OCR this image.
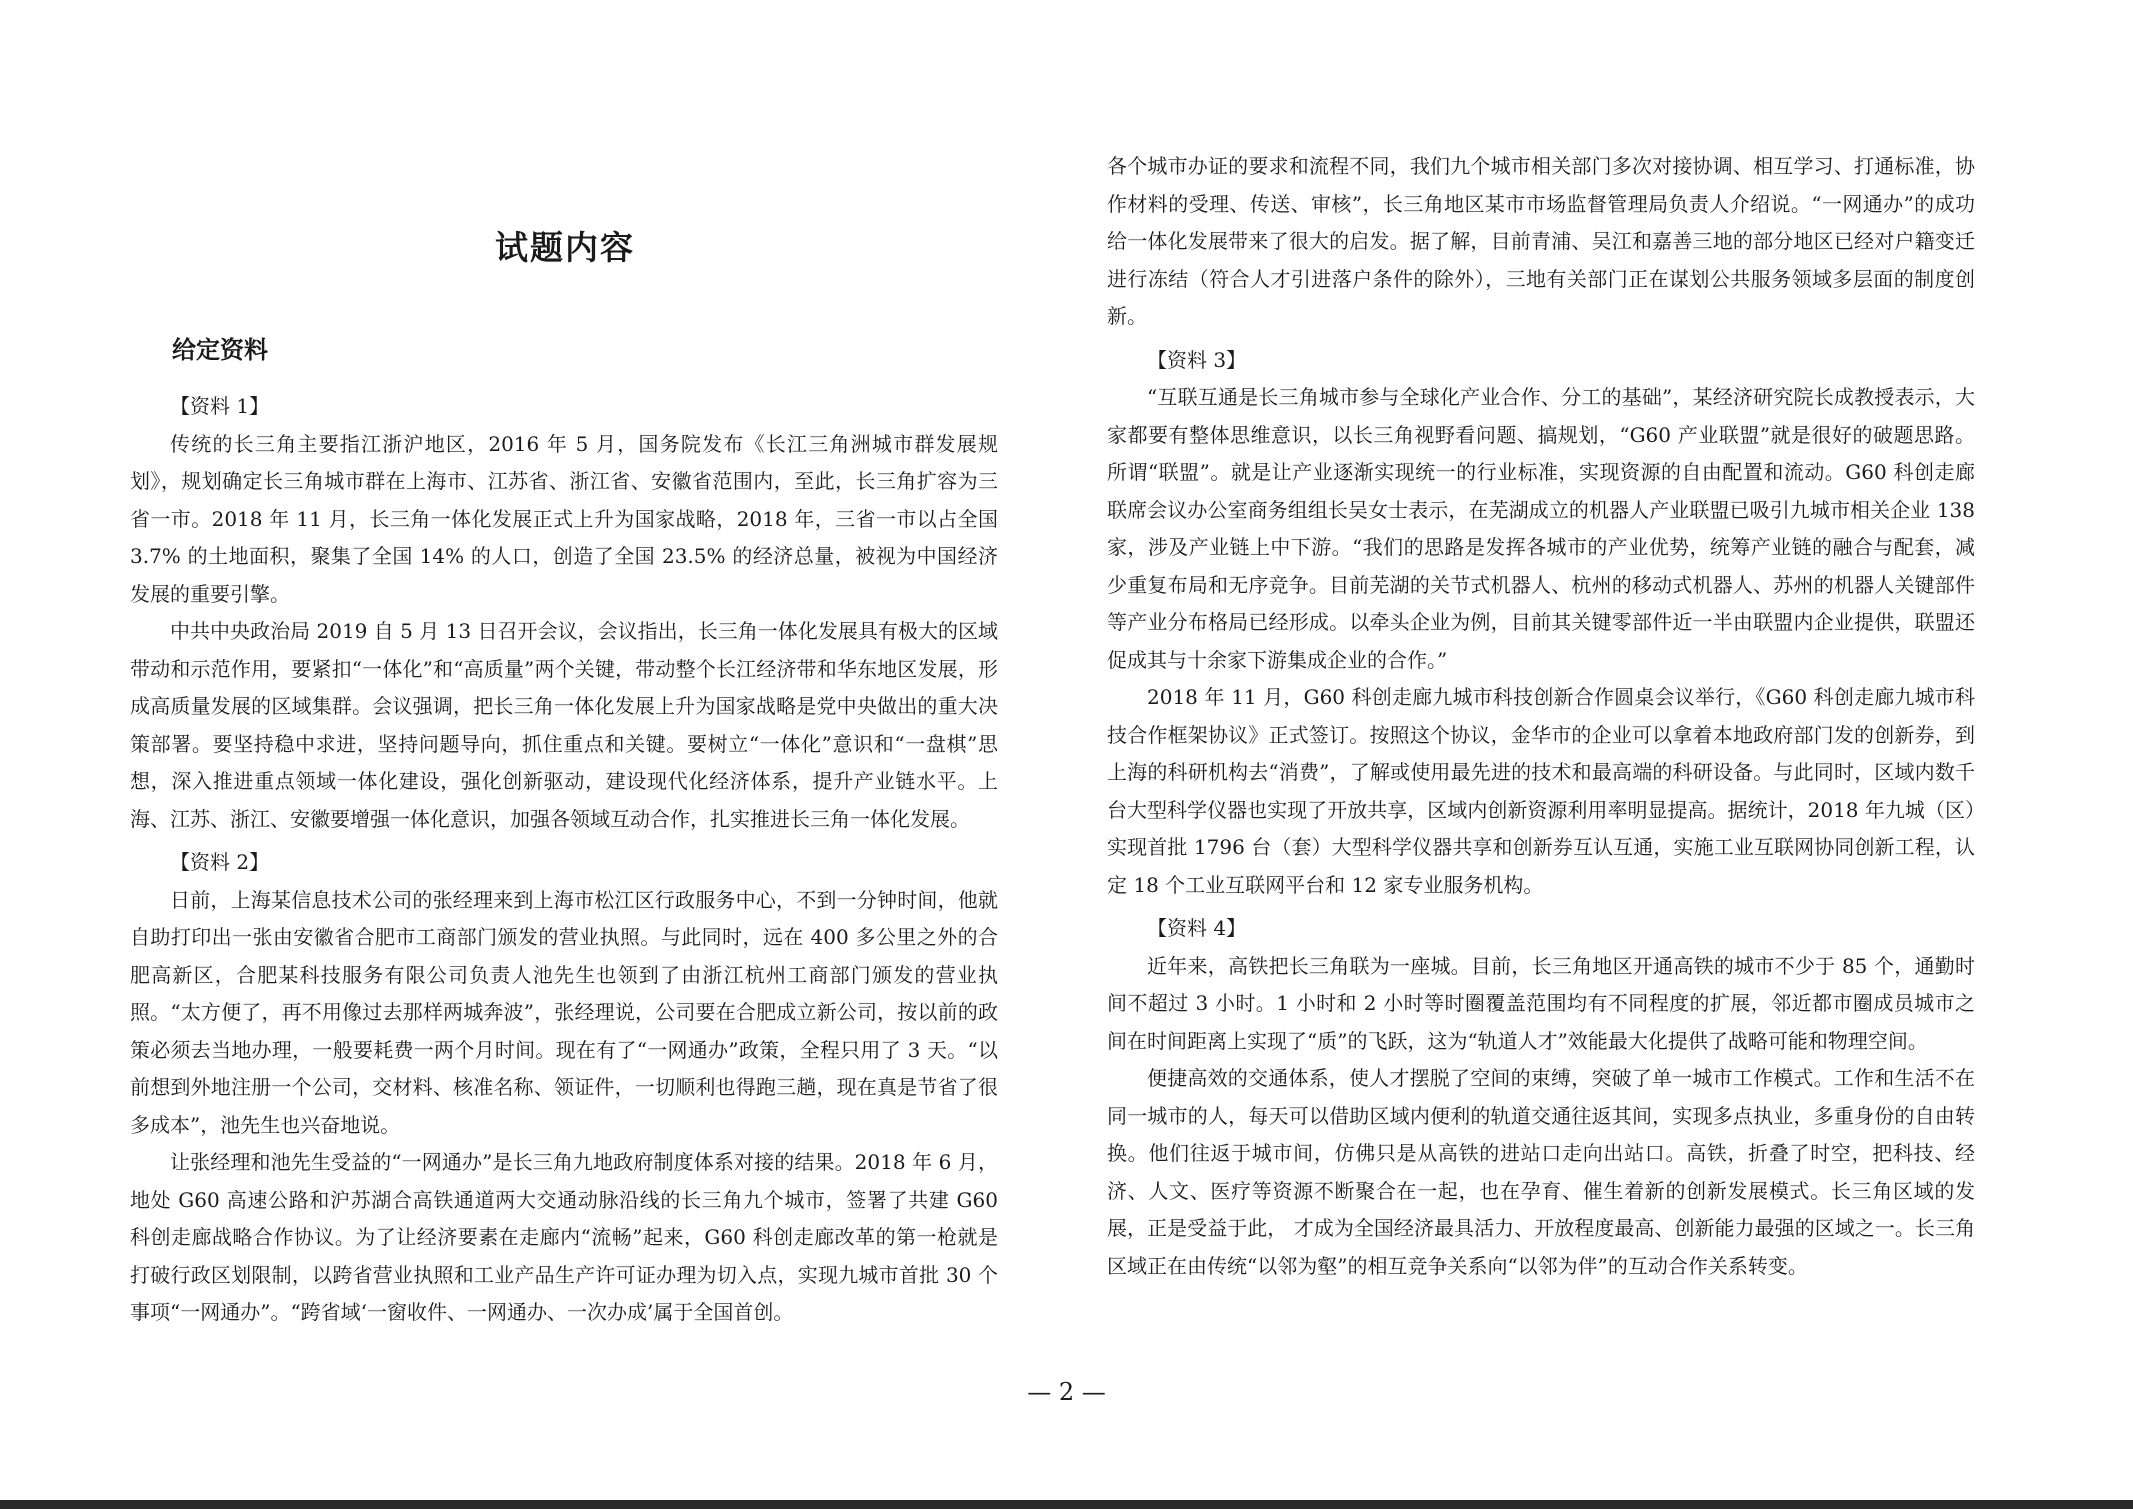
试题内容
给定资料

【资料 1】

传统的长三角主要指江浙沪地区，2016 年 5 月，国务院发布《长江三角洲城市群发展规划》，规划确定长三角城市群在上海市、江苏省、浙江省、安徽省范围内，至此，长三角扩容为三省一市。2018 年 11 月，长三角一体化发展正式上升为国家战略，2018 年，三省一市以占全国 3.7% 的土地面积，聚集了全国 14% 的人口，创造了全国 23.5% 的经济总量，被视为中国经济发展的重要引擎。

中共中央政治局 2019 自 5 月 13 日召开会议，会议指出，长三角一体化发展具有极大的区域带动和示范作用，要紧扣“一体化”和“高质量”两个关键，带动整个长江经济带和华东地区发展，形成高质量发展的区域集群。会议强调，把长三角一体化发展上升为国家战略是党中央做出的重大决策部署。要坚持稳中求进，坚持问题导向，抓住重点和关键。要树立“一体化”意识和“一盘棋”思想，深入推进重点领域一体化建设，强化创新驱动，建设现代化经济体系，提升产业链水平。上海、江苏、浙江、安徽要增强一体化意识，加强各领域互动合作，扎实推进长三角一体化发展。

【资料 2】

日前，上海某信息技术公司的张经理来到上海市松江区行政服务中心，不到一分钟时间，他就自助打印出一张由安徽省合肥市工商部门颁发的营业执照。与此同时，远在 400 多公里之外的合肥高新区，合肥某科技服务有限公司负责人池先生也领到了由浙江杭州工商部门颁发的营业执照。“太方便了，再不用像过去那样两城奔波”，张经理说，公司要在合肥成立新公司，按以前的政策必须去当地办理，一般要耗费一两个月时间。现在有了“一网通办”政策，全程只用了 3 天。“以前想到外地注册一个公司，交材料、核准名称、领证件，一切顺利也得跑三趟，现在真是节省了很多成本”，池先生也兴奋地说。

让张经理和池先生受益的“一网通办”是长三角九地政府制度体系对接的结果。2018 年 6 月，地处 G60 高速公路和沪苏湖合高铁通道两大交通动脉沿线的长三角九个城市，签署了共建 G60 科创走廊战略合作协议。为了让经济要素在走廊内“流畅”起来，G60 科创走廊改革的第一枪就是打破行政区划限制，以跨省营业执照和工业产品生产许可证办理为切入点，实现九城市首批 30 个事项“一网通办”。“跨省域‘一窗收件、一网通办、一次办成’属于全国首创。

各个城市办证的要求和流程不同，我们九个城市相关部门多次对接协调、相互学习、打通标准，协作材料的受理、传送、审核”，长三角地区某市市场监督管理局负责人介绍说。“一网通办”的成功给一体化发展带来了很大的启发。据了解，目前青浦、吴江和嘉善三地的部分地区已经对户籍变迁进行冻结（符合人才引进落户条件的除外），三地有关部门正在谋划公共服务领域多层面的制度创新。

【资料 3】

“互联互通是长三角城市参与全球化产业合作、分工的基础”，某经济研究院长成教授表示，大家都要有整体思维意识，以长三角视野看问题、搞规划，“G60 产业联盟”就是很好的破题思路。所谓“联盟”。就是让产业逐渐实现统一的行业标准，实现资源的自由配置和流动。G60 科创走廊联席会议办公室商务组组长吴女士表示，在芜湖成立的机器人产业联盟已吸引九城市相关企业 138 家，涉及产业链上中下游。“我们的思路是发挥各城市的产业优势，统筹产业链的融合与配套，减少重复布局和无序竞争。目前芜湖的关节式机器人、杭州的移动式机器人、苏州的机器人关键部件等产业分布格局已经形成。以牵头企业为例，目前其关键零部件近一半由联盟内企业提供，联盟还促成其与十余家下游集成企业的合作。”

2018 年 11 月，G60 科创走廊九城市科技创新合作圆桌会议举行，《G60 科创走廊九城市科技合作框架协议》正式签订。按照这个协议，金华市的企业可以拿着本地政府部门发的创新券，到上海的科研机构去“消费”，了解或使用最先进的技术和最高端的科研设备。与此同时，区域内数千台大型科学仪器也实现了开放共享，区域内创新资源利用率明显提高。据统计，2018 年九城（区）实现首批 1796 台（套）大型科学仪器共享和创新券互认互通，实施工业互联网协同创新工程，认定 18 个工业互联网平台和 12 家专业服务机构。

【资料 4】

近年来，高铁把长三角联为一座城。目前，长三角地区开通高铁的城市不少于 85 个，通勤时间不超过 3 小时。1 小时和 2 小时等时圈覆盖范围均有不同程度的扩展，邻近都市圈成员城市之间在时间距离上实现了“质”的飞跃，这为“轨道人才”效能最大化提供了战略可能和物理空间。

便捷高效的交通体系，使人才摆脱了空间的束缚，突破了单一城市工作模式。工作和生活不在同一城市的人，每天可以借助区域内便利的轨道交通往返其间，实现多点执业，多重身份的自由转换。他们往返于城市间，仿佛只是从高铁的进站口走向出站口。高铁，折叠了时空，把科技、经济、人文、医疗等资源不断聚合在一起，也在孕育、催生着新的创新发展模式。长三角区域的发展，正是受益于此， 才成为全国经济最具活力、开放程度最高、创新能力最强的区域之一。长三角区域正在由传统“以邻为壑”的相互竞争关系向“以邻为伴”的互动合作关系转变。

— 2 —
